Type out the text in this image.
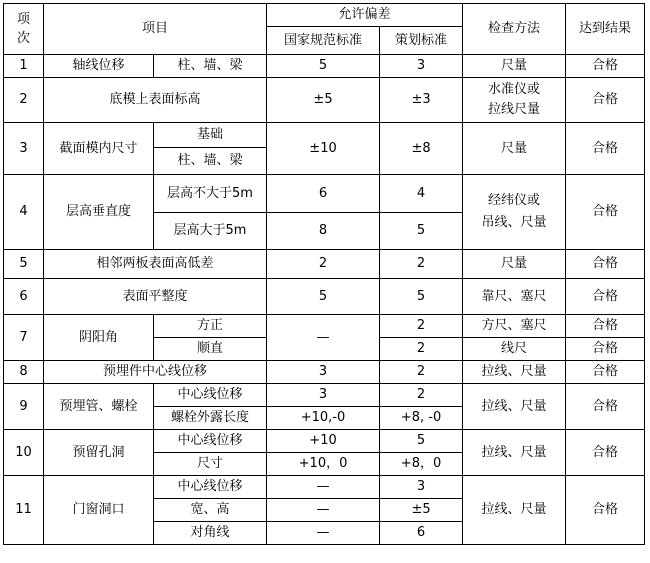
项
次	项目		允许偏差		检查方法	达到结果
			国家规范标准	策划标准		
1	轴线位移	柱、墙、梁	5	3	尺量	合格
2	底模上表面标高		±5	±3	水准仪或
拉线尺量	合格
3	截面模内尺寸	基础	±10	±8	尺量	合格
		柱、墙、梁				
4	层高垂直度	层高不大于5m	6	4	经纬仪或
吊线、尺量	合格
		层高大于5m	8	5		
5	相邻两板表面高低差		2	2	尺量	合格
6	表面平整度		5	5	靠尺、塞尺	合格
7	阴阳角	方正	—	2	方尺、塞尺	合格
		顺直		2	线尺	合格
8	预埋件中心线位移		3	2	拉线、尺量	合格
9	预埋管、螺栓	中心线位移	3	2	拉线、尺量	合格
		螺栓外露长度	+10,-0	+8, -0		
10	预留孔洞	中心线位移	+10	5	拉线、尺量	合格
		尺寸	+10，0	+8，0		
11	门窗洞口	中心线位移	—	3	拉线、尺量	合格
		宽、高	—	±5		
		对角线	—	6		
